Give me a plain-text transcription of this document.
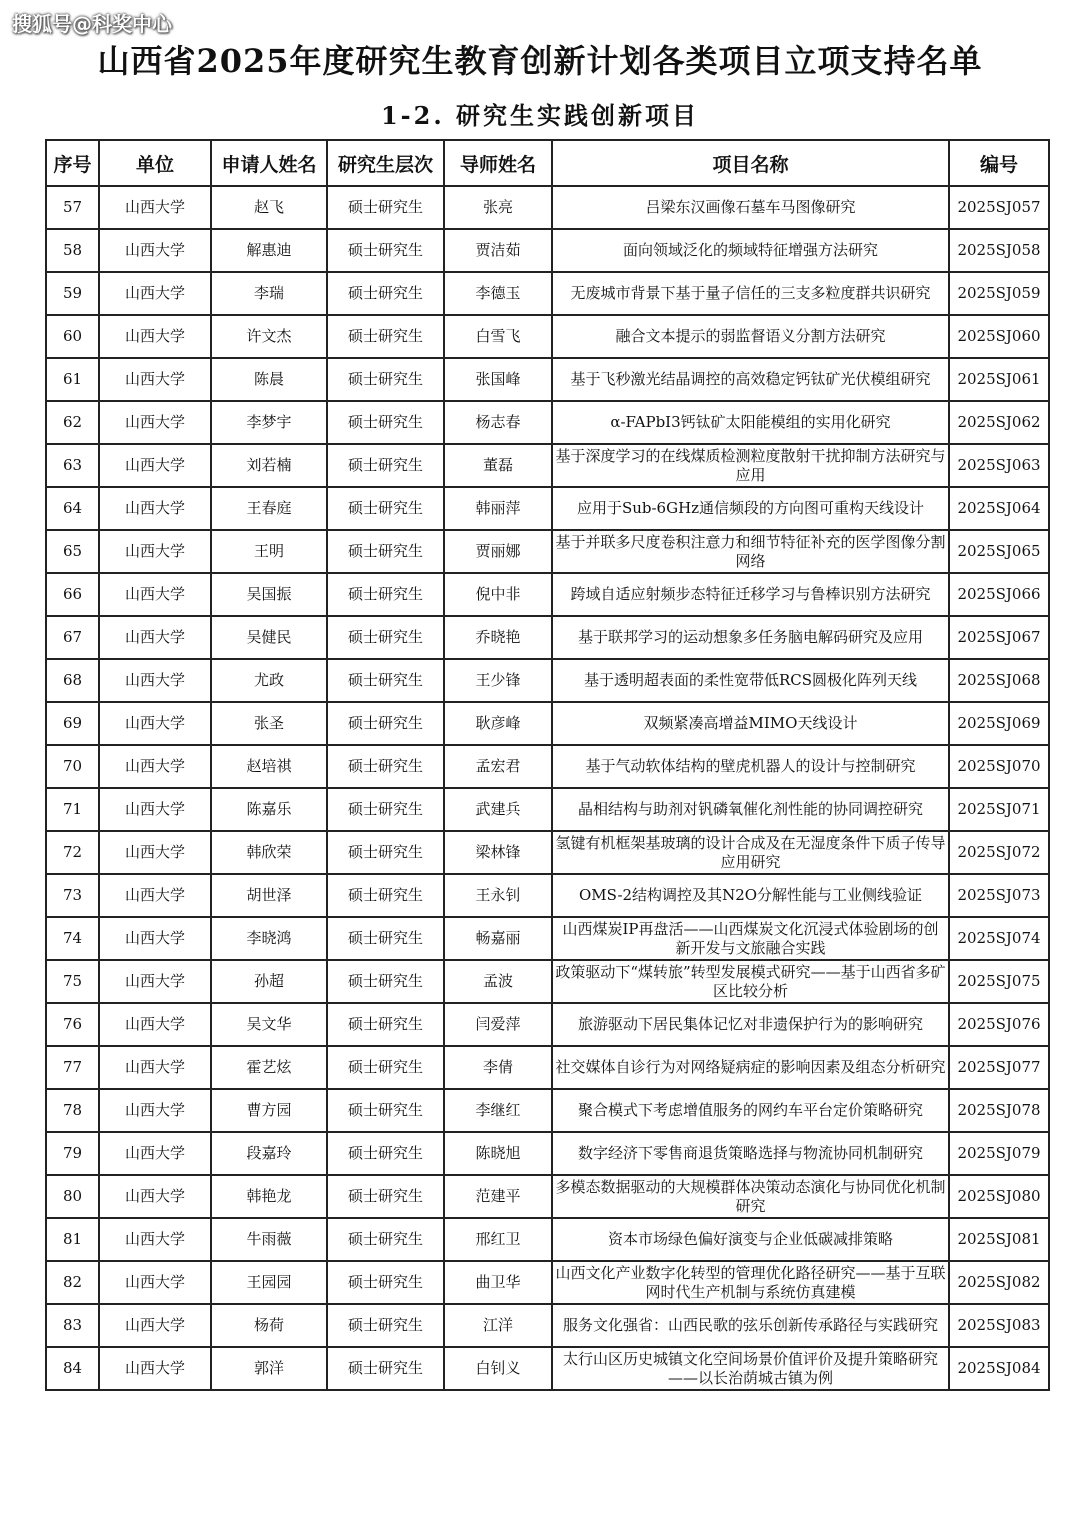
搜狐号@科奖中心
山西省2025年度研究生教育创新计划各类项目立项支持名单
1-2. 研究生实践创新项目
序号	单位	申请人姓名	研究生层次	导师姓名	项目名称	编号
57	山西大学	赵飞	硕士研究生	张亮	吕梁东汉画像石墓车马图像研究	2025SJ057
58	山西大学	解惠迪	硕士研究生	贾洁茹	面向领域泛化的频域特征增强方法研究	2025SJ058
59	山西大学	李瑞	硕士研究生	李德玉	无废城市背景下基于量子信任的三支多粒度群共识研究	2025SJ059
60	山西大学	许文杰	硕士研究生	白雪飞	融合文本提示的弱监督语义分割方法研究	2025SJ060
61	山西大学	陈晨	硕士研究生	张国峰	基于飞秒激光结晶调控的高效稳定钙钛矿光伏模组研究	2025SJ061
62	山西大学	李梦宇	硕士研究生	杨志春	α-FAPbI3钙钛矿太阳能模组的实用化研究	2025SJ062
63	山西大学	刘若楠	硕士研究生	董磊	基于深度学习的在线煤质检测粒度散射干扰抑制方法研究与应用	2025SJ063
64	山西大学	王春庭	硕士研究生	韩丽萍	应用于Sub-6GHz通信频段的方向图可重构天线设计	2025SJ064
65	山西大学	王明	硕士研究生	贾丽娜	基于并联多尺度卷积注意力和细节特征补充的医学图像分割网络	2025SJ065
66	山西大学	吴国振	硕士研究生	倪中非	跨域自适应射频步态特征迁移学习与鲁棒识别方法研究	2025SJ066
67	山西大学	吴健民	硕士研究生	乔晓艳	基于联邦学习的运动想象多任务脑电解码研究及应用	2025SJ067
68	山西大学	尤政	硕士研究生	王少锋	基于透明超表面的柔性宽带低RCS圆极化阵列天线	2025SJ068
69	山西大学	张圣	硕士研究生	耿彦峰	双频紧凑高增益MIMO天线设计	2025SJ069
70	山西大学	赵培祺	硕士研究生	孟宏君	基于气动软体结构的壁虎机器人的设计与控制研究	2025SJ070
71	山西大学	陈嘉乐	硕士研究生	武建兵	晶相结构与助剂对钒磷氧催化剂性能的协同调控研究	2025SJ071
72	山西大学	韩欣荣	硕士研究生	梁林锋	氢键有机框架基玻璃的设计合成及在无湿度条件下质子传导应用研究	2025SJ072
73	山西大学	胡世泽	硕士研究生	王永钊	OMS-2结构调控及其N2O分解性能与工业侧线验证	2025SJ073
74	山西大学	李晓鸿	硕士研究生	畅嘉丽	山西煤炭IP再盘活——山西煤炭文化沉浸式体验剧场的创新开发与文旅融合实践	2025SJ074
75	山西大学	孙超	硕士研究生	孟波	政策驱动下“煤转旅”转型发展模式研究——基于山西省多矿区比较分析	2025SJ075
76	山西大学	吴文华	硕士研究生	闫爱萍	旅游驱动下居民集体记忆对非遗保护行为的影响研究	2025SJ076
77	山西大学	霍艺炫	硕士研究生	李倩	社交媒体自诊行为对网络疑病症的影响因素及组态分析研究	2025SJ077
78	山西大学	曹方园	硕士研究生	李继红	聚合模式下考虑增值服务的网约车平台定价策略研究	2025SJ078
79	山西大学	段嘉玲	硕士研究生	陈晓旭	数字经济下零售商退货策略选择与物流协同机制研究	2025SJ079
80	山西大学	韩艳龙	硕士研究生	范建平	多模态数据驱动的大规模群体决策动态演化与协同优化机制研究	2025SJ080
81	山西大学	牛雨薇	硕士研究生	邢红卫	资本市场绿色偏好演变与企业低碳减排策略	2025SJ081
82	山西大学	王园园	硕士研究生	曲卫华	山西文化产业数字化转型的管理优化路径研究——基于互联网时代生产机制与系统仿真建模	2025SJ082
83	山西大学	杨荷	硕士研究生	江洋	服务文化强省：山西民歌的弦乐创新传承路径与实践研究	2025SJ083
84	山西大学	郭洋	硕士研究生	白钊义	太行山区历史城镇文化空间场景价值评价及提升策略研究——以长治荫城古镇为例	2025SJ084
